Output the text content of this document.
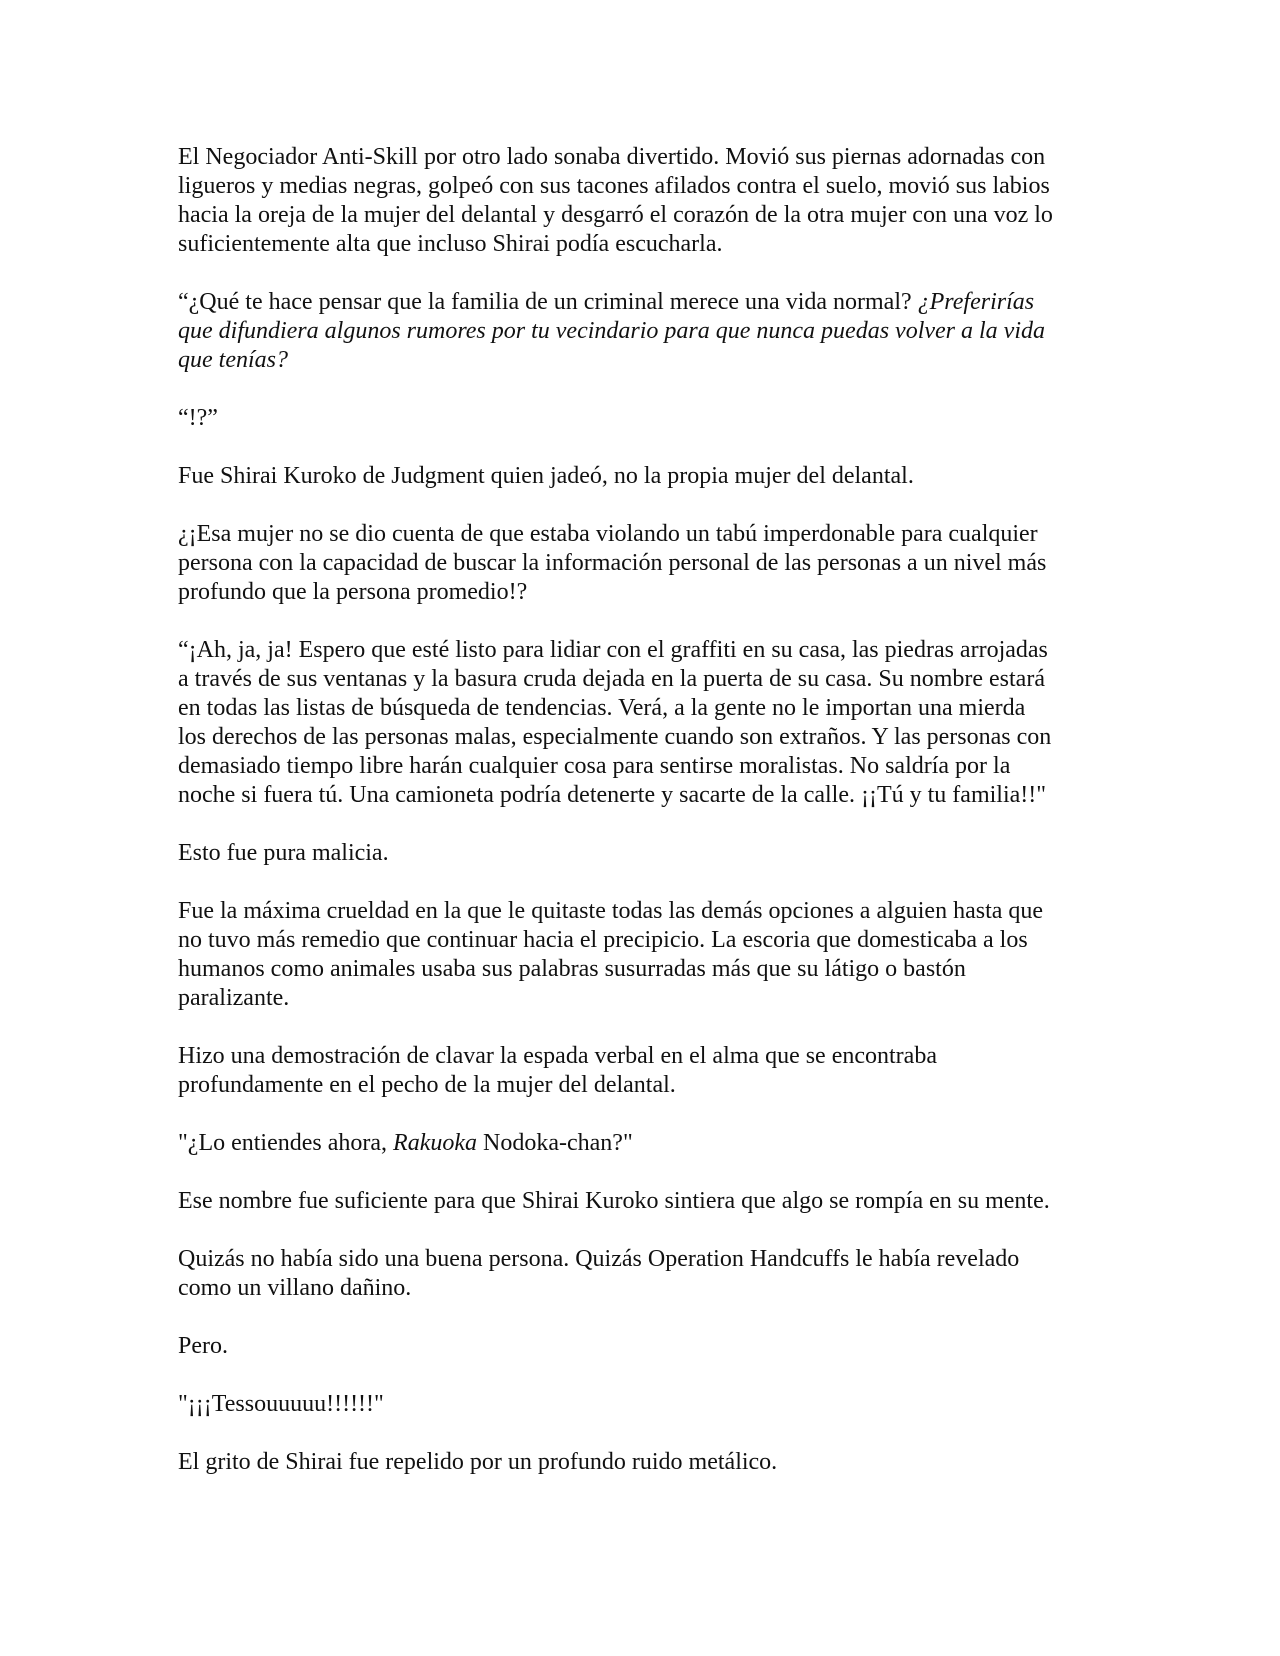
El Negociador Anti-Skill por otro lado sonaba divertido. Movió sus piernas adornadas con
ligueros y medias negras, golpeó con sus tacones afilados contra el suelo, movió sus labios
hacia la oreja de la mujer del delantal y desgarró el corazón de la otra mujer con una voz lo
suficientemente alta que incluso Shirai podía escucharla.

“¿Qué te hace pensar que la familia de un criminal merece una vida normal? ¿Preferirías
que difundiera algunos rumores por tu vecindario para que nunca puedas volver a la vida
que tenías?

“!?”

Fue Shirai Kuroko de Judgment quien jadeó, no la propia mujer del delantal.

¿¡Esa mujer no se dio cuenta de que estaba violando un tabú imperdonable para cualquier
persona con la capacidad de buscar la información personal de las personas a un nivel más
profundo que la persona promedio!?

“¡Ah, ja, ja! Espero que esté listo para lidiar con el graffiti en su casa, las piedras arrojadas
a través de sus ventanas y la basura cruda dejada en la puerta de su casa. Su nombre estará
en todas las listas de búsqueda de tendencias. Verá, a la gente no le importan una mierda
los derechos de las personas malas, especialmente cuando son extraños. Y las personas con
demasiado tiempo libre harán cualquier cosa para sentirse moralistas. No saldría por la
noche si fuera tú. Una camioneta podría detenerte y sacarte de la calle. ¡¡Tú y tu familia!!"

Esto fue pura malicia.

Fue la máxima crueldad en la que le quitaste todas las demás opciones a alguien hasta que
no tuvo más remedio que continuar hacia el precipicio. La escoria que domesticaba a los
humanos como animales usaba sus palabras susurradas más que su látigo o bastón
paralizante.

Hizo una demostración de clavar la espada verbal en el alma que se encontraba
profundamente en el pecho de la mujer del delantal.

"¿Lo entiendes ahora, Rakuoka Nodoka-chan?"

Ese nombre fue suficiente para que Shirai Kuroko sintiera que algo se rompía en su mente.

Quizás no había sido una buena persona. Quizás Operation Handcuffs le había revelado
como un villano dañino.

Pero.

"¡¡¡Tessouuuuu!!!!!!"

El grito de Shirai fue repelido por un profundo ruido metálico.
